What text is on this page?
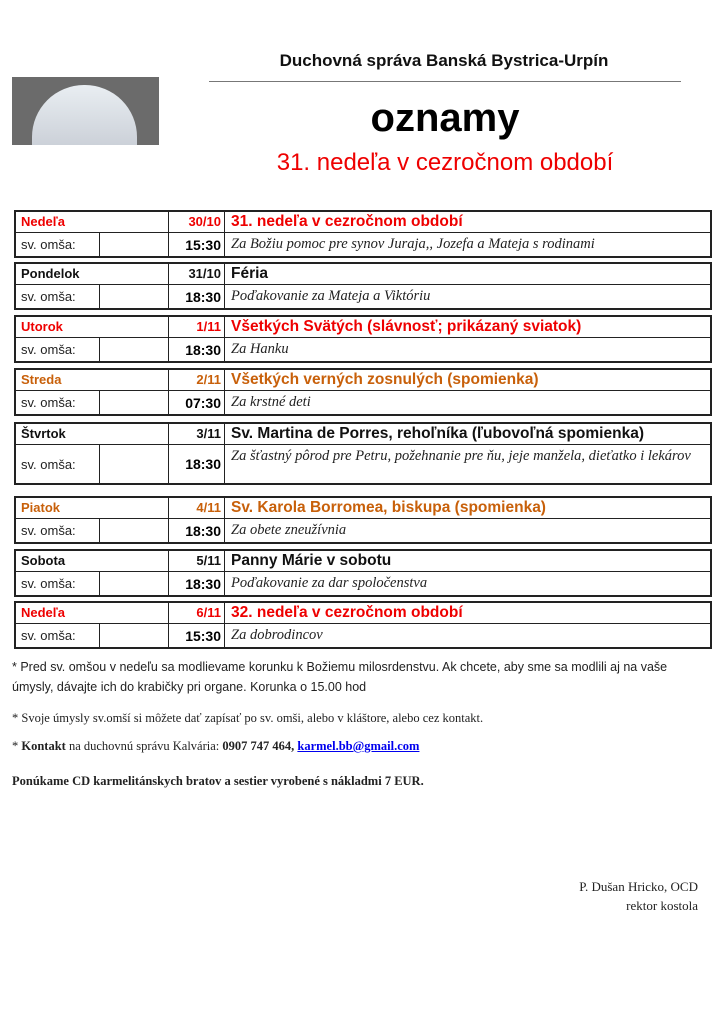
Duchovná správa Banská Bystrica-Urpín
oznamy
31. nedeľa v cezročnom období
Nedeľa	30/10 31. nedeľa v cezročnom období
sv. omša:	15:30 Za Božiu pomoc pre synov Juraja,, Jozefa a Mateja s rodinami
Pondelok	31/10 Féria
sv. omša:	18:30 Poďakovanie za Mateja a Viktóriu
Utorok	1/11 Všetkých Svätých (slávnosť; prikázaný sviatok)
sv. omša:	18:30 Za Hanku
Streda	2/11 Všetkých verných zosnulých (spomienka)
sv. omša:	07:30 Za krstné deti
Štvrtok	3/11 Sv. Martina de Porres, rehoľníka (ľubovoľná spomienka)
sv. omša:	18:30 Za šťastný pôrod pre Petru, požehnanie pre ňu, jeje manžela, dieťatko i lekárov
Piatok	4/11 Sv. Karola Borromea, biskupa (spomienka)
sv. omša:	18:30 Za obete zneužívnia
Sobota	5/11 Panny Márie v sobotu
sv. omša:	18:30 Poďakovanie za dar spoločenstva
Nedeľa	6/11 32. nedeľa v cezročnom období
sv. omša:	15:30 Za dobrodincov
* Pred sv. omšou v nedeľu sa modlievame korunku k Božiemu milosrdenstvu. Ak chcete, aby sme sa modlili aj na vaše úmysly, dávajte ich do krabičky pri organe. Korunka o 15.00 hod
* Svoje úmysly sv.omší si môžete dať zapísať po sv. omši, alebo v kláštore, alebo cez kontakt.
* Kontakt na duchovnú správu Kalvária: 0907 747 464, karmel.bb@gmail.com
Ponúkame CD karmelitánskych bratov a sestier vyrobené s nákladmi 7 EUR.
P. Dušan Hricko, OCD
rektor kostola
